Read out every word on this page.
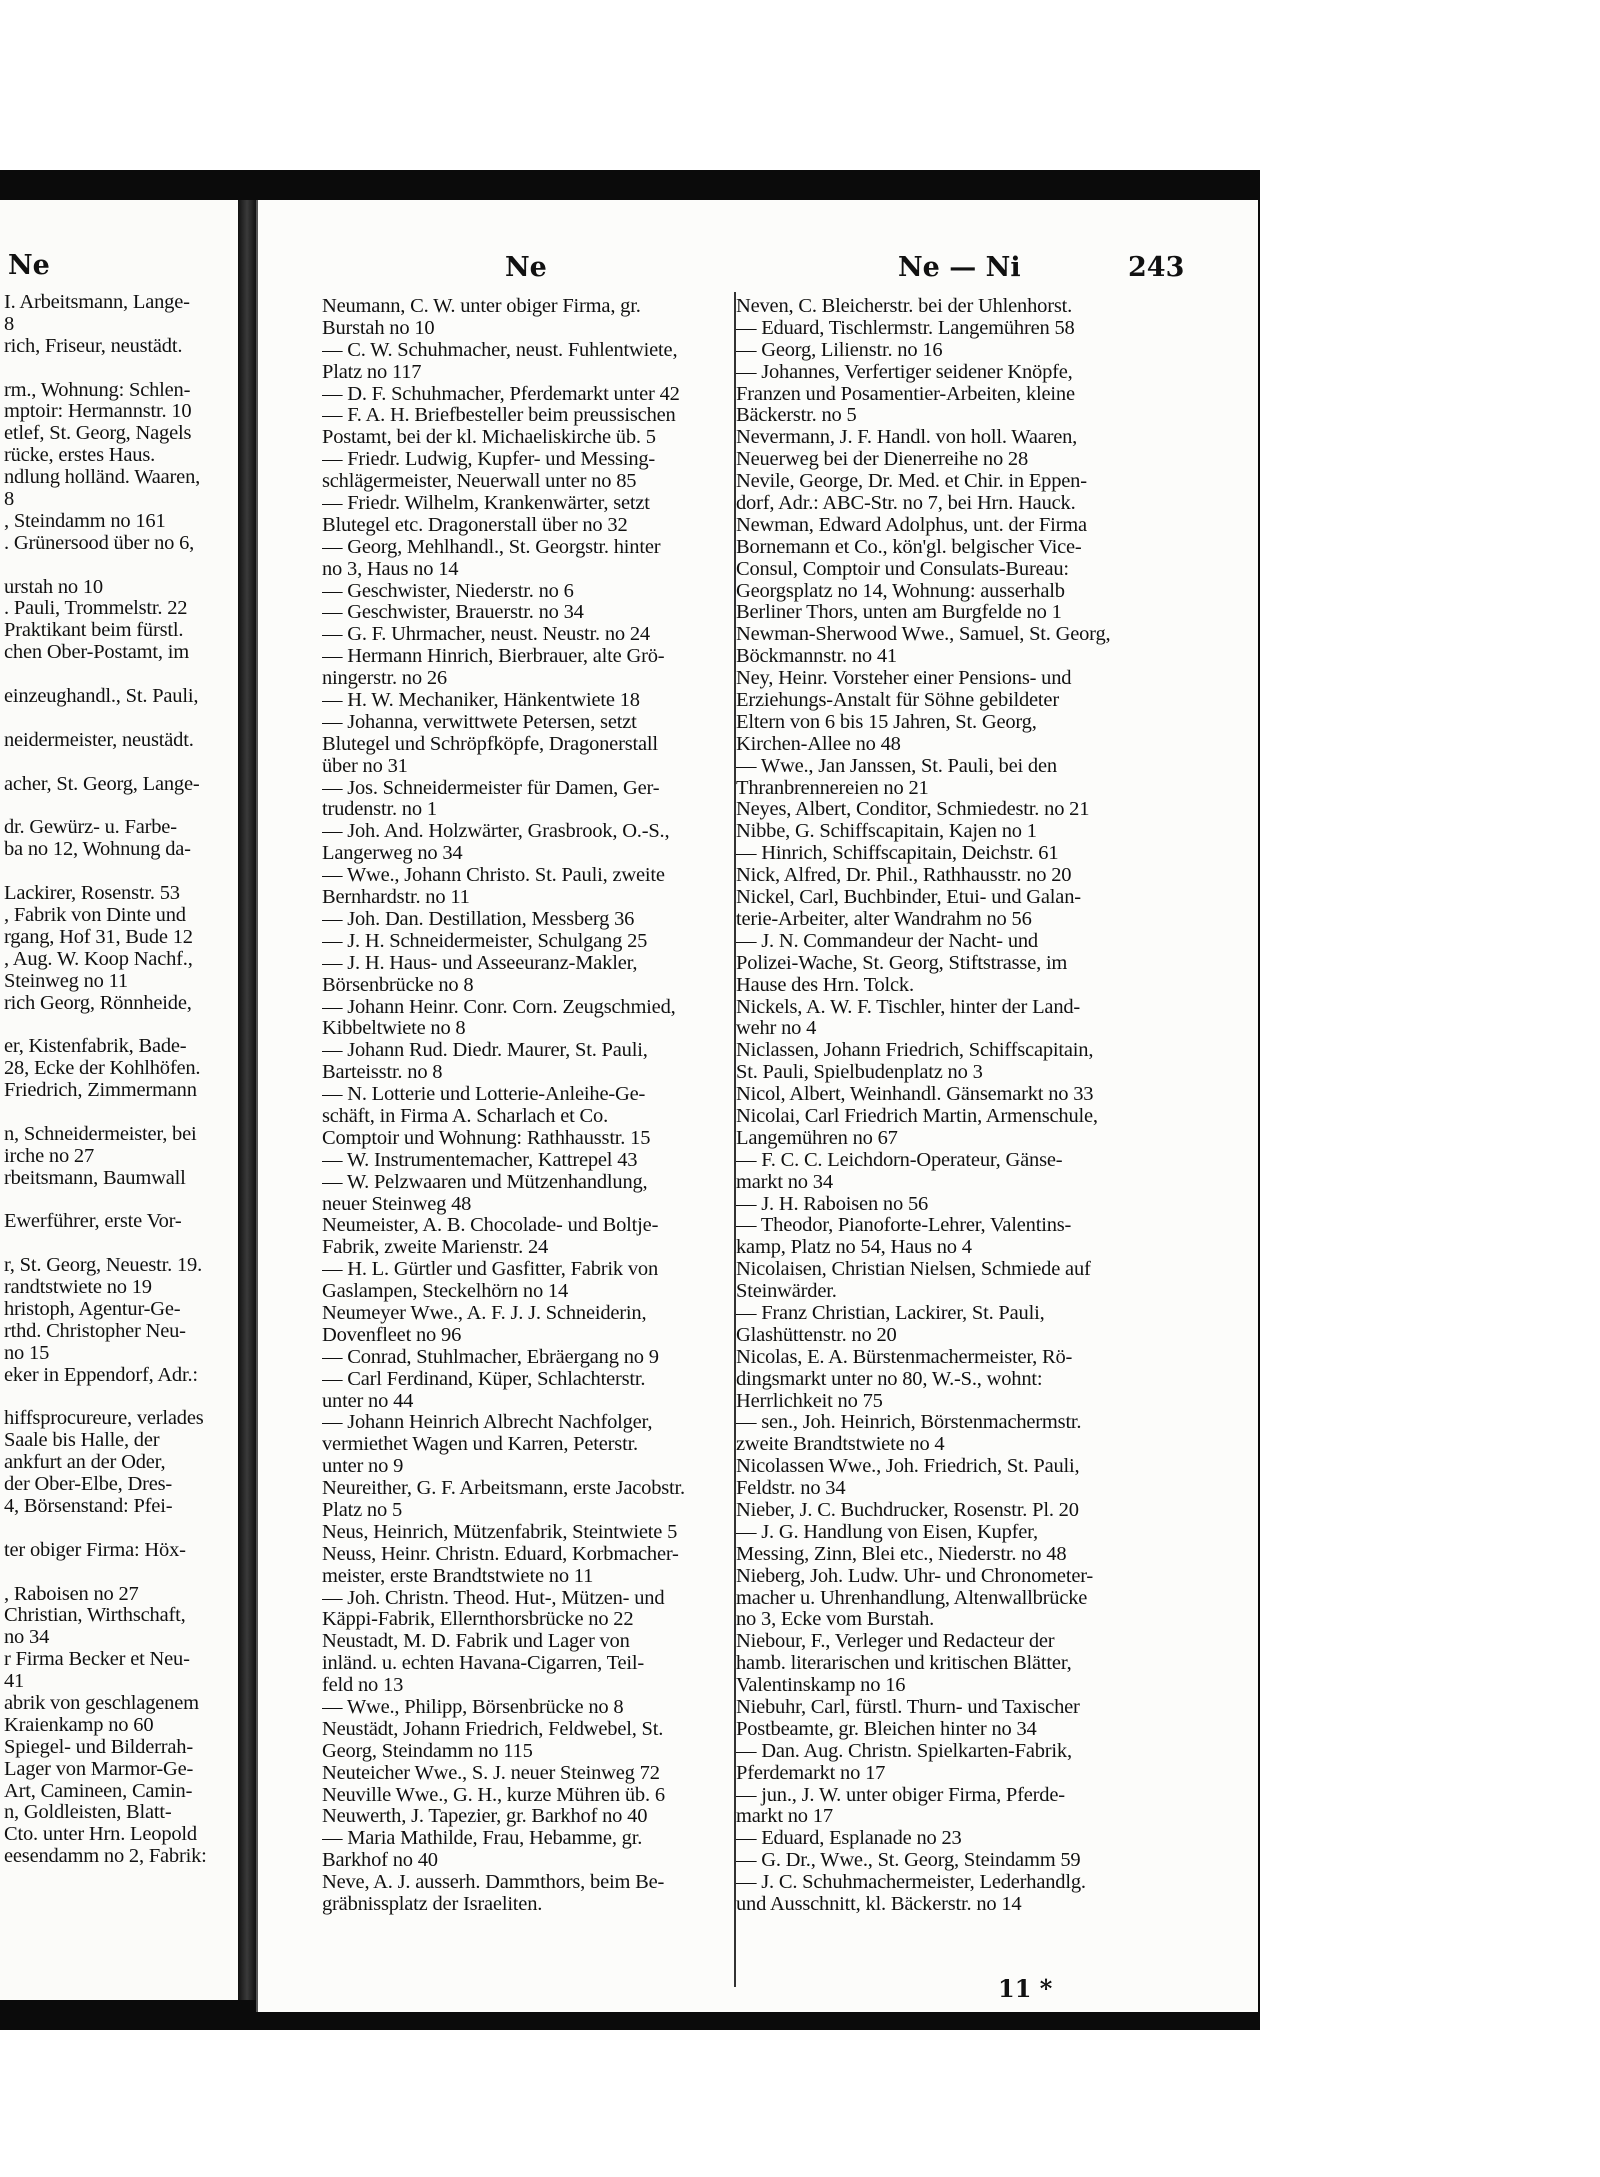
Ne
I. Arbeitsmann, Lange-
8
rich, Friseur, neustädt.
rm., Wohnung: Schlen-
mptoir: Hermannstr. 10
etlef, St. Georg, Nagels
rücke, erstes Haus.
ndlung holländ. Waaren,
8
, Steindamm no 161
. Grünersood über no 6,
urstah no 10
. Pauli, Trommelstr. 22
Praktikant beim fürstl.
chen Ober-Postamt, im
einzeughandl., St. Pauli,
neidermeister, neustädt.
acher, St. Georg, Lange-
dr. Gewürz- u. Farbe-
ba no 12, Wohnung da-
Lackirer, Rosenstr. 53
, Fabrik von Dinte und
rgang, Hof 31, Bude 12
, Aug. W. Koop Nachf.,
Steinweg no 11
rich Georg, Rönnheide,
er, Kistenfabrik, Bade-
28, Ecke der Kohlhöfen.
Friedrich, Zimmermann
n, Schneidermeister, bei
irche no 27
rbeitsmann, Baumwall
Ewerführer, erste Vor-
r, St. Georg, Neuestr. 19.
randtstwiete no 19
hristoph, Agentur-Ge-
rthd. Christopher Neu-
no 15
eker in Eppendorf, Adr.:
hiffsprocureure, verlades
Saale bis Halle, der
ankfurt an der Oder,
der Ober-Elbe, Dres-
4, Börsenstand: Pfei-
ter obiger Firma: Höx-
, Raboisen no 27
Christian, Wirthschaft,
no 34
r Firma Becker et Neu-
41
abrik von geschlagenem
Kraienkamp no 60
Spiegel- und Bilderrah-
Lager von Marmor-Ge-
Art, Camineen, Camin-
n, Goldleisten, Blatt-
Cto. unter Hrn. Leopold
eesendamm no 2, Fabrik:
Ne	Ne — Ni	243
Neumann, C. W. unter obiger Firma, gr.
Burstah no 10
— C. W. Schuhmacher, neust. Fuhlentwiete,
Platz no 117
— D. F. Schuhmacher, Pferdemarkt unter 42
— F. A. H. Briefbesteller beim preussischen
Postamt, bei der kl. Michaeliskirche üb. 5
— Friedr. Ludwig, Kupfer- und Messing-
schlägermeister, Neuerwall unter no 85
— Friedr. Wilhelm, Krankenwärter, setzt
Blutegel etc. Dragonerstall über no 32
— Georg, Mehlhandl., St. Georgstr. hinter
no 3, Haus no 14
— Geschwister, Niederstr. no 6
— Geschwister, Brauerstr. no 34
— G. F. Uhrmacher, neust. Neustr. no 24
— Hermann Hinrich, Bierbrauer, alte Grö-
ningerstr. no 26
— H. W. Mechaniker, Hänkentwiete 18
— Johanna, verwittwete Petersen, setzt
Blutegel und Schröpfköpfe, Dragonerstall
über no 31
— Jos. Schneidermeister für Damen, Ger-
trudenstr. no 1
— Joh. And. Holzwärter, Grasbrook, O.-S.,
Langerweg no 34
— Wwe., Johann Christo. St. Pauli, zweite
Bernhardstr. no 11
— Joh. Dan. Destillation, Messberg 36
— J. H. Schneidermeister, Schulgang 25
— J. H. Haus- und Asseeuranz-Makler,
Börsenbrücke no 8
— Johann Heinr. Conr. Corn. Zeugschmied,
Kibbeltwiete no 8
— Johann Rud. Diedr. Maurer, St. Pauli,
Barteisstr. no 8
— N. Lotterie und Lotterie-Anleihe-Ge-
schäft, in Firma A. Scharlach et Co.
Comptoir und Wohnung: Rathhausstr. 15
— W. Instrumentemacher, Kattrepel 43
— W. Pelzwaaren und Mützenhandlung,
neuer Steinweg 48
Neumeister, A. B. Chocolade- und Boltje-
Fabrik, zweite Marienstr. 24
— H. L. Gürtler und Gasfitter, Fabrik von
Gaslampen, Steckelhörn no 14
Neumeyer Wwe., A. F. J. J. Schneiderin,
Dovenfleet no 96
— Conrad, Stuhlmacher, Ebräergang no 9
— Carl Ferdinand, Küper, Schlachterstr.
unter no 44
— Johann Heinrich Albrecht Nachfolger,
vermiethet Wagen und Karren, Peterstr.
unter no 9
Neureither, G. F. Arbeitsmann, erste Jacobstr.
Platz no 5
Neus, Heinrich, Mützenfabrik, Steintwiete 5
Neuss, Heinr. Christn. Eduard, Korbmacher-
meister, erste Brandtstwiete no 11
— Joh. Christn. Theod. Hut-, Mützen- und
Käppi-Fabrik, Ellernthorsbrücke no 22
Neustadt, M. D. Fabrik und Lager von
inländ. u. echten Havana-Cigarren, Teil-
feld no 13
— Wwe., Philipp, Börsenbrücke no 8
Neustädt, Johann Friedrich, Feldwebel, St.
Georg, Steindamm no 115
Neuteicher Wwe., S. J. neuer Steinweg 72
Neuville Wwe., G. H., kurze Mühren üb. 6
Neuwerth, J. Tapezier, gr. Barkhof no 40
— Maria Mathilde, Frau, Hebamme, gr.
Barkhof no 40
Neve, A. J. ausserh. Dammthors, beim Be-
gräbnissplatz der Israeliten.
Neven, C. Bleicherstr. bei der Uhlenhorst.
— Eduard, Tischlermstr. Langemühren 58
— Georg, Lilienstr. no 16
— Johannes, Verfertiger seidener Knöpfe,
Franzen und Posamentier-Arbeiten, kleine
Bäckerstr. no 5
Nevermann, J. F. Handl. von holl. Waaren,
Neuerweg bei der Dienerreihe no 28
Nevile, George, Dr. Med. et Chir. in Eppen-
dorf, Adr.: ABC-Str. no 7, bei Hrn. Hauck.
Newman, Edward Adolphus, unt. der Firma
Bornemann et Co., kön'gl. belgischer Vice-
Consul, Comptoir und Consulats-Bureau:
Georgsplatz no 14, Wohnung: ausserhalb
Berliner Thors, unten am Burgfelde no 1
Newman-Sherwood Wwe., Samuel, St. Georg,
Böckmannstr. no 41
Ney, Heinr. Vorsteher einer Pensions- und
Erziehungs-Anstalt für Söhne gebildeter
Eltern von 6 bis 15 Jahren, St. Georg,
Kirchen-Allee no 48
— Wwe., Jan Janssen, St. Pauli, bei den
Thranbrennereien no 21
Neyes, Albert, Conditor, Schmiedestr. no 21
Nibbe, G. Schiffscapitain, Kajen no 1
— Hinrich, Schiffscapitain, Deichstr. 61
Nick, Alfred, Dr. Phil., Rathhausstr. no 20
Nickel, Carl, Buchbinder, Etui- und Galan-
terie-Arbeiter, alter Wandrahm no 56
— J. N. Commandeur der Nacht- und
Polizei-Wache, St. Georg, Stiftstrasse, im
Hause des Hrn. Tolck.
Nickels, A. W. F. Tischler, hinter der Land-
wehr no 4
Niclassen, Johann Friedrich, Schiffscapitain,
St. Pauli, Spielbudenplatz no 3
Nicol, Albert, Weinhandl. Gänsemarkt no 33
Nicolai, Carl Friedrich Martin, Armenschule,
Langemühren no 67
— F. C. C. Leichdorn-Operateur, Gänse-
markt no 34
— J. H. Raboisen no 56
— Theodor, Pianoforte-Lehrer, Valentins-
kamp, Platz no 54, Haus no 4
Nicolaisen, Christian Nielsen, Schmiede auf
Steinwärder.
— Franz Christian, Lackirer, St. Pauli,
Glashüttenstr. no 20
Nicolas, E. A. Bürstenmachermeister, Rö-
dingsmarkt unter no 80, W.-S., wohnt:
Herrlichkeit no 75
— sen., Joh. Heinrich, Börstenmachermstr.
zweite Brandtstwiete no 4
Nicolassen Wwe., Joh. Friedrich, St. Pauli,
Feldstr. no 34
Nieber, J. C. Buchdrucker, Rosenstr. Pl. 20
— J. G. Handlung von Eisen, Kupfer,
Messing, Zinn, Blei etc., Niederstr. no 48
Nieberg, Joh. Ludw. Uhr- und Chronometer-
macher u. Uhrenhandlung, Altenwallbrücke
no 3, Ecke vom Burstah.
Niebour, F., Verleger und Redacteur der
hamb. literarischen und kritischen Blätter,
Valentinskamp no 16
Niebuhr, Carl, fürstl. Thurn- und Taxischer
Postbeamte, gr. Bleichen hinter no 34
— Dan. Aug. Christn. Spielkarten-Fabrik,
Pferdemarkt no 17
— jun., J. W. unter obiger Firma, Pferde-
markt no 17
— Eduard, Esplanade no 23
— G. Dr., Wwe., St. Georg, Steindamm 59
— J. C. Schuhmachermeister, Lederhandlg.
und Ausschnitt, kl. Bäckerstr. no 14
11 *
